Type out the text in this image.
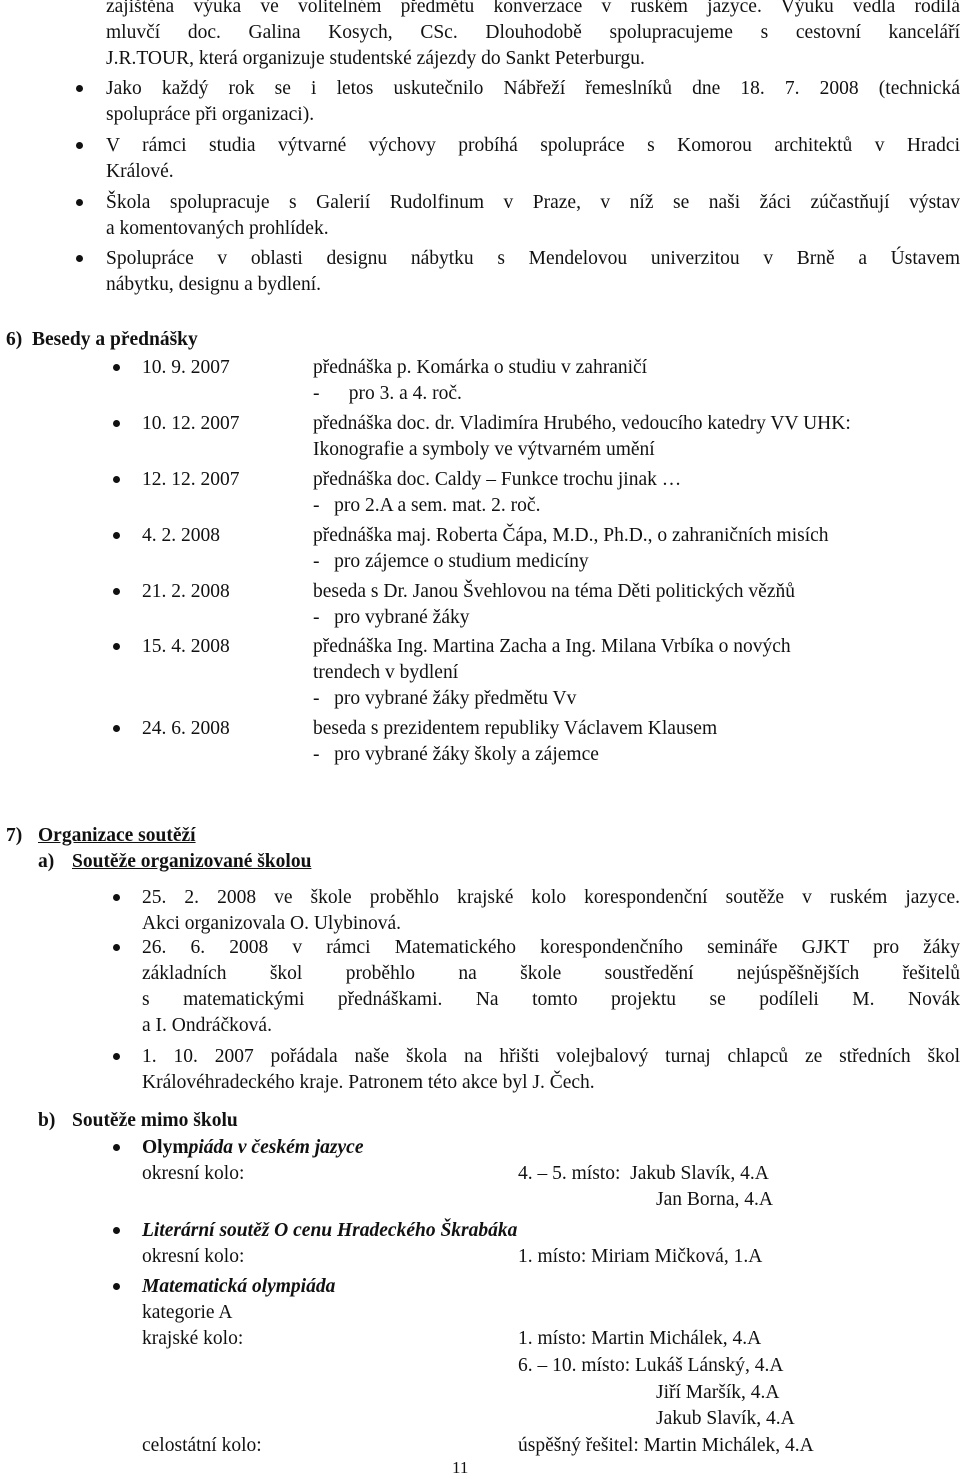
zajištěna výuka ve volitelném předmětu konverzace v ruském jazyce. Výuku vedla rodilá
mluvčí doc. Galina Kosych, CSc. Dlouhodobě spolupracujeme s cestovní kanceláří
J.R.TOUR, která organizuje studentské zájezdy do Sankt Peterburgu.
Jako každý rok se i letos uskutečnilo Nábřeží řemeslníků dne 18. 7. 2008 (technická
spolupráce při organizaci).
V rámci studia výtvarné výchovy probíhá spolupráce s Komorou architektů v Hradci
Králové.
Škola spolupracuje s Galerií Rudolfinum v Praze, v níž se naši žáci zúčastňují výstav
a komentovaných prohlídek.
Spolupráce v oblasti designu nábytku s Mendelovou univerzitou v Brně a Ústavem
nábytku, designu a bydlení.
6)  Besedy a přednášky
10. 9. 2007	přednáška p. Komárka o studiu v zahraničí
-      pro 3. a 4. roč.
10. 12. 2007	přednáška doc. dr. Vladimíra Hrubého, vedoucího katedry VV UHK:
Ikonografie a symboly ve výtvarném umění
12. 12. 2007	přednáška doc. Caldy – Funkce trochu jinak …
-   pro 2.A a sem. mat. 2. roč.
4. 2. 2008	přednáška maj. Roberta Čápa, M.D., Ph.D., o zahraničních misích
-   pro zájemce o studium medicíny
21. 2. 2008	beseda s Dr. Janou Švehlovou na téma Děti politických vězňů
-   pro vybrané žáky
15. 4. 2008	přednáška Ing. Martina Zacha a Ing. Milana Vrbíka o nových
trendech v bydlení
-   pro vybrané žáky předmětu Vv
24. 6. 2008	beseda s prezidentem republiky Václavem Klausem
-   pro vybrané žáky školy a zájemce
7) Organizace soutěží
a) Soutěže organizované školou
25. 2. 2008 ve škole proběhlo krajské kolo korespondenční soutěže v ruském jazyce.
Akci organizovala O. Ulybinová.
26. 6. 2008 v rámci Matematického korespondenčního semináře GJKT pro žáky
základních škol proběhlo na škole soustředění nejúspěšnějších řešitelů
s matematickými přednáškami. Na tomto projektu se podíleli M. Novák
a I. Ondráčková.
1. 10. 2007 pořádala naše škola na hřišti volejbalový turnaj chlapců ze středních škol
Královéhradeckého kraje. Patronem této akce byl J. Čech.
b) Soutěže mimo školu
Olympiáda v českém jazyce
okresní kolo:	4. – 5. místo:  Jakub Slavík, 4.A
Jan Borna, 4.A
Literární soutěž O cenu Hradeckého Škrabáka
okresní kolo:	1. místo: Miriam Mičková, 1.A
Matematická olympiáda
kategorie A
krajské kolo:	1. místo: Martin Michálek, 4.A
6. – 10. místo: Lukáš Lánský, 4.A
Jiří Maršík, 4.A
Jakub Slavík, 4.A
celostátní kolo:	úspěšný řešitel: Martin Michálek, 4.A
11
